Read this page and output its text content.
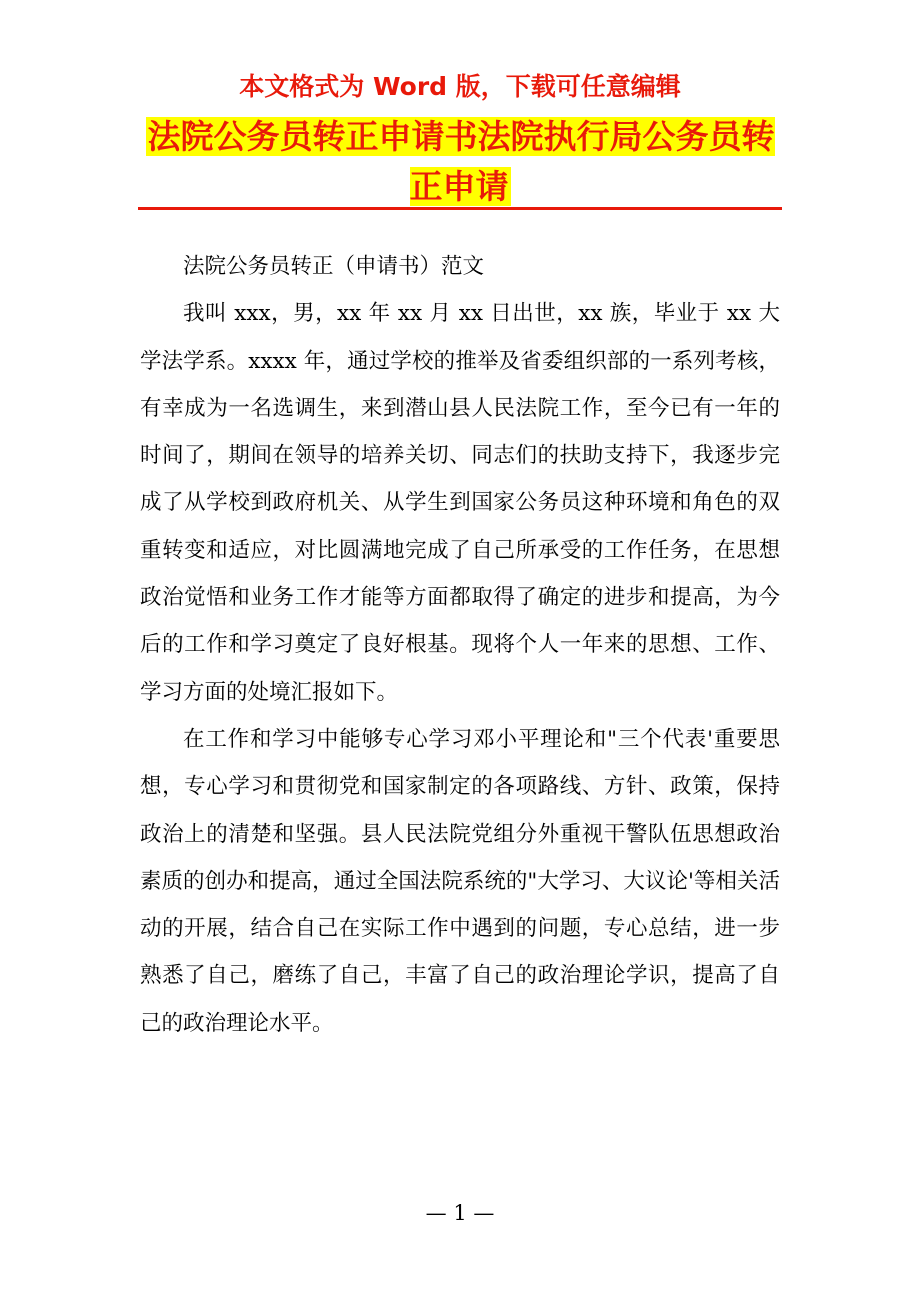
本文格式为 Word 版，下载可任意编辑
法院公务员转正申请书法院执行局公务员转正申请

法院公务员转正（申请书）范文

我叫 xxx，男，xx 年 xx 月 xx 日出世，xx 族，毕业于 xx 大学法学系。xxxx 年，通过学校的推举及省委组织部的一系列考核，有幸成为一名选调生，来到潜山县人民法院工作，至今已有一年的时间了，期间在领导的培养关切、同志们的扶助支持下，我逐步完成了从学校到政府机关、从学生到国家公务员这种环境和角色的双重转变和适应，对比圆满地完成了自己所承受的工作任务，在思想政治觉悟和业务工作才能等方面都取得了确定的进步和提高，为今后的工作和学习奠定了良好根基。现将个人一年来的思想、工作、学习方面的处境汇报如下。

在工作和学习中能够专心学习邓小平理论和"三个代表'重要思想，专心学习和贯彻党和国家制定的各项路线、方针、政策，保持政治上的清楚和坚强。县人民法院党组分外重视干警队伍思想政治素质的创办和提高，通过全国法院系统的"大学习、大议论'等相关活动的开展，结合自己在实际工作中遇到的问题，专心总结，进一步熟悉了自己，磨练了自己，丰富了自己的政治理论学识，提高了自己的政治理论水平。

— 1 —
